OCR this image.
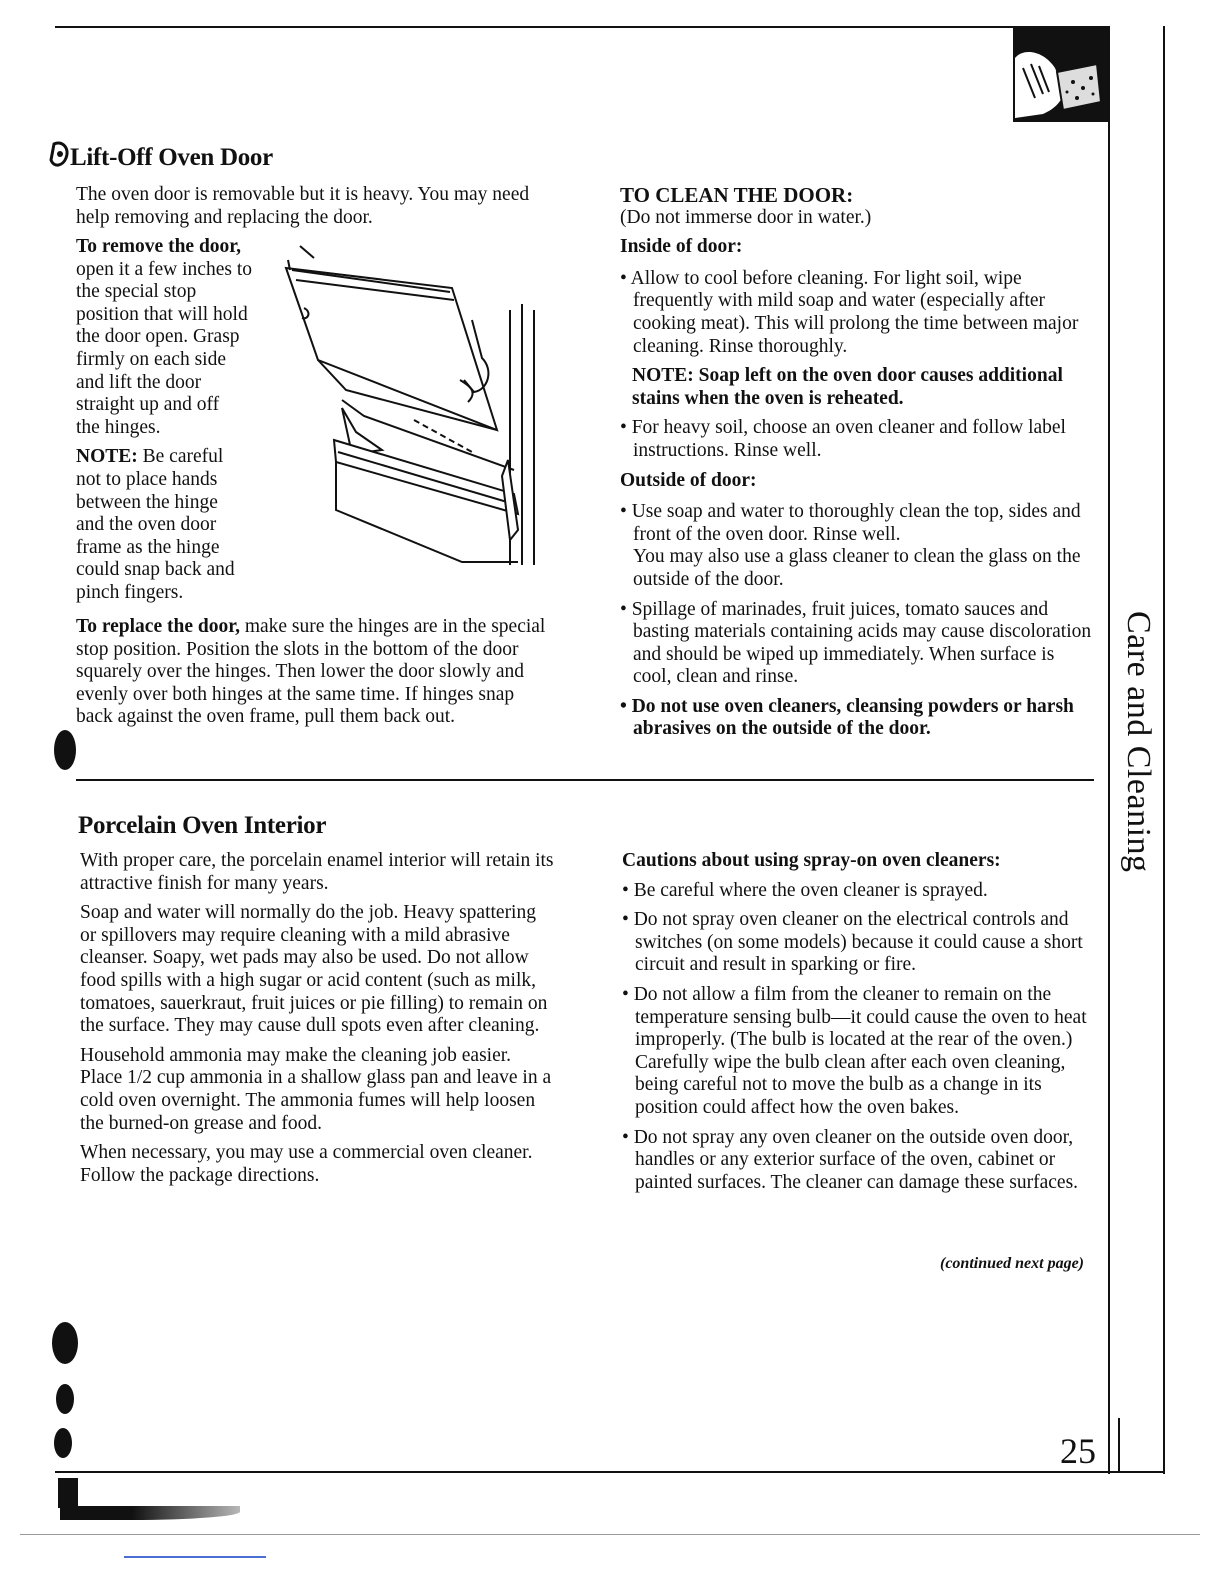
Lift-Off Oven Door

The oven door is removable but it is heavy. You may need help removing and replacing the door.

To remove the door,
open it a few inches to
the special stop
position that will hold
the door open. Grasp
firmly on each side
and lift the door
straight up and off
the hinges.
NOTE: Be careful
not to place hands
between the hinge
and the oven door
frame as the hinge
could snap back and
pinch fingers.

To replace the door, make sure the hinges are in the special stop position. Position the slots in the bottom of the door squarely over the hinges. Then lower the door slowly and evenly over both hinges at the same time. If hinges snap back against the oven frame, pull them back out.

TO CLEAN THE DOOR:

(Do not immerse door in water.)

Inside of door:

• Allow to cool before cleaning. For light soil, wipe frequently with mild soap and water (especially after cooking meat). This will prolong the time between major cleaning. Rinse thoroughly.

NOTE: Soap left on the oven door causes additional stains when the oven is reheated.

• For heavy soil, choose an oven cleaner and follow label instructions. Rinse well.

Outside of door:

• Use soap and water to thoroughly clean the top, sides and front of the oven door. Rinse well.

You may also use a glass cleaner to clean the glass on the outside of the door.

• Spillage of marinades, fruit juices, tomato sauces and basting materials containing acids may cause discoloration and should be wiped up immediately. When surface is cool, clean and rinse.

• Do not use oven cleaners, cleansing powders or harsh abrasives on the outside of the door.	Care and Cleaning
Porcelain Oven Interior

With proper care, the porcelain enamel interior will retain its attractive finish for many years.

Soap and water will normally do the job. Heavy spattering or spillovers may require cleaning with a mild abrasive cleanser. Soapy, wet pads may also be used. Do not allow food spills with a high sugar or acid content (such as milk, tomatoes, sauerkraut, fruit juices or pie filling) to remain on the surface. They may cause dull spots even after cleaning.

Household ammonia may make the cleaning job easier. Place 1/2 cup ammonia in a shallow glass pan and leave in a cold oven overnight. The ammonia fumes will help loosen the burned-on grease and food.

When necessary, you may use a commercial oven cleaner. Follow the package directions.

Cautions about using spray-on oven cleaners:

• Be careful where the oven cleaner is sprayed.

• Do not spray oven cleaner on the electrical controls and switches (on some models) because it could cause a short circuit and result in sparking or fire.

• Do not allow a film from the cleaner to remain on the temperature sensing bulb—it could cause the oven to heat improperly. (The bulb is located at the rear of the oven.) Carefully wipe the bulb clean after each oven cleaning, being careful not to move the bulb as a change in its position could affect how the oven bakes.

• Do not spray any oven cleaner on the outside oven door, handles or any exterior surface of the oven, cabinet or painted surfaces. The cleaner can damage these surfaces.

(continued next page)
25
